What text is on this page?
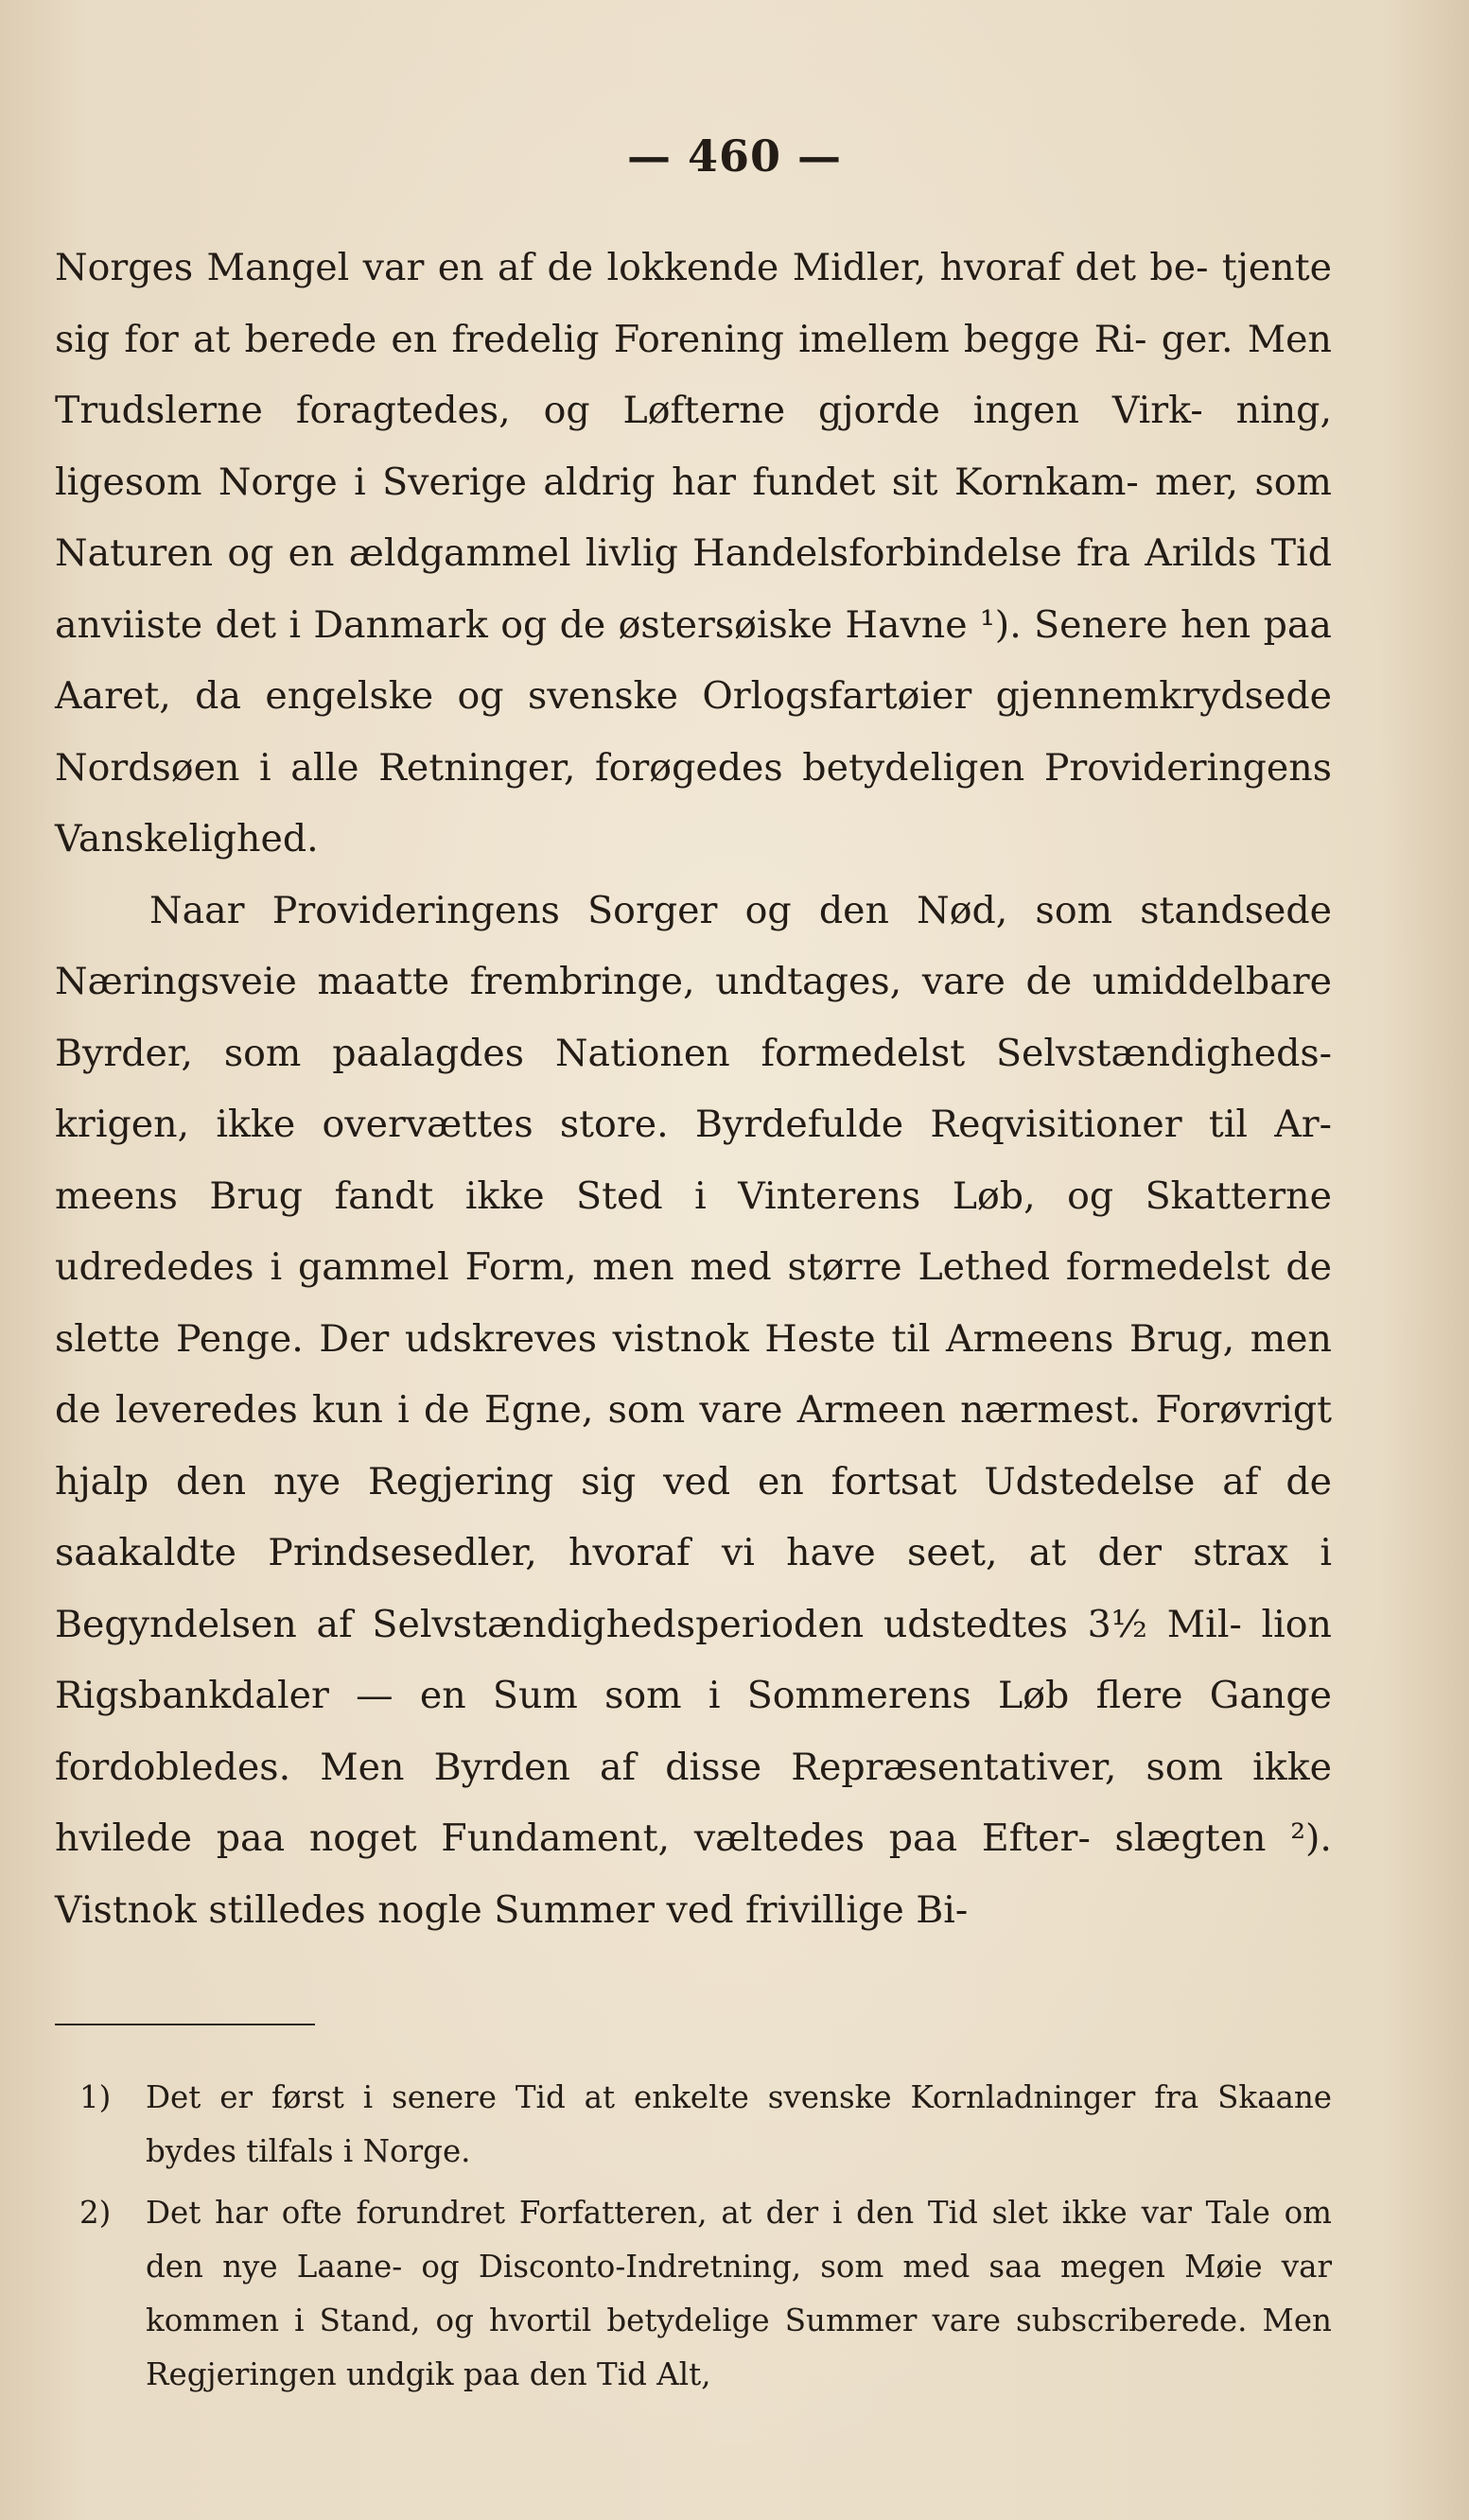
— 460 —

Norges Mangel var en af de lokkende Midler, hvoraf det be- tjente sig for at berede en fredelig Forening imellem begge Ri- ger. Men Trudslerne foragtedes, og Løfterne gjorde ingen Virk- ning, ligesom Norge i Sverige aldrig har fundet sit Kornkam- mer, som Naturen og en ældgammel livlig Handelsforbindelse fra Arilds Tid anviiste det i Danmark og de østersøiske Havne ¹). Senere hen paa Aaret, da engelske og svenske Orlogsfartøier gjennemkrydsede Nordsøen i alle Retninger, forøgedes betydeligen Provideringens Vanskelighed.

Naar Provideringens Sorger og den Nød, som standsede Næringsveie maatte frembringe, undtages, vare de umiddelbare Byrder, som paalagdes Nationen formedelst Selvstændigheds- krigen, ikke overvættes store. Byrdefulde Reqvisitioner til Ar- meens Brug fandt ikke Sted i Vinterens Løb, og Skatterne udrededes i gammel Form, men med større Lethed formedelst de slette Penge. Der udskreves vistnok Heste til Armeens Brug, men de leveredes kun i de Egne, som vare Armeen nærmest. Forøvrigt hjalp den nye Regjering sig ved en fortsat Udstedelse af de saakaldte Prindsesedler, hvoraf vi have seet, at der strax i Begyndelsen af Selvstændighedsperioden udstedtes 3½ Mil- lion Rigsbankdaler — en Sum som i Sommerens Løb flere Gange fordobledes. Men Byrden af disse Repræsentativer, som ikke hvilede paa noget Fundament, væltedes paa Efter- slægten ²). Vistnok stilledes nogle Summer ved frivillige Bi-

1) Det er først i senere Tid at enkelte svenske Kornladninger fra Skaane bydes tilfals i Norge.
2) Det har ofte forundret Forfatteren, at der i den Tid slet ikke var Tale om den nye Laane- og Disconto-Indretning, som med saa megen Møie var kommen i Stand, og hvortil betydelige Summer vare subscriberede. Men Regjeringen undgik paa den Tid Alt,
